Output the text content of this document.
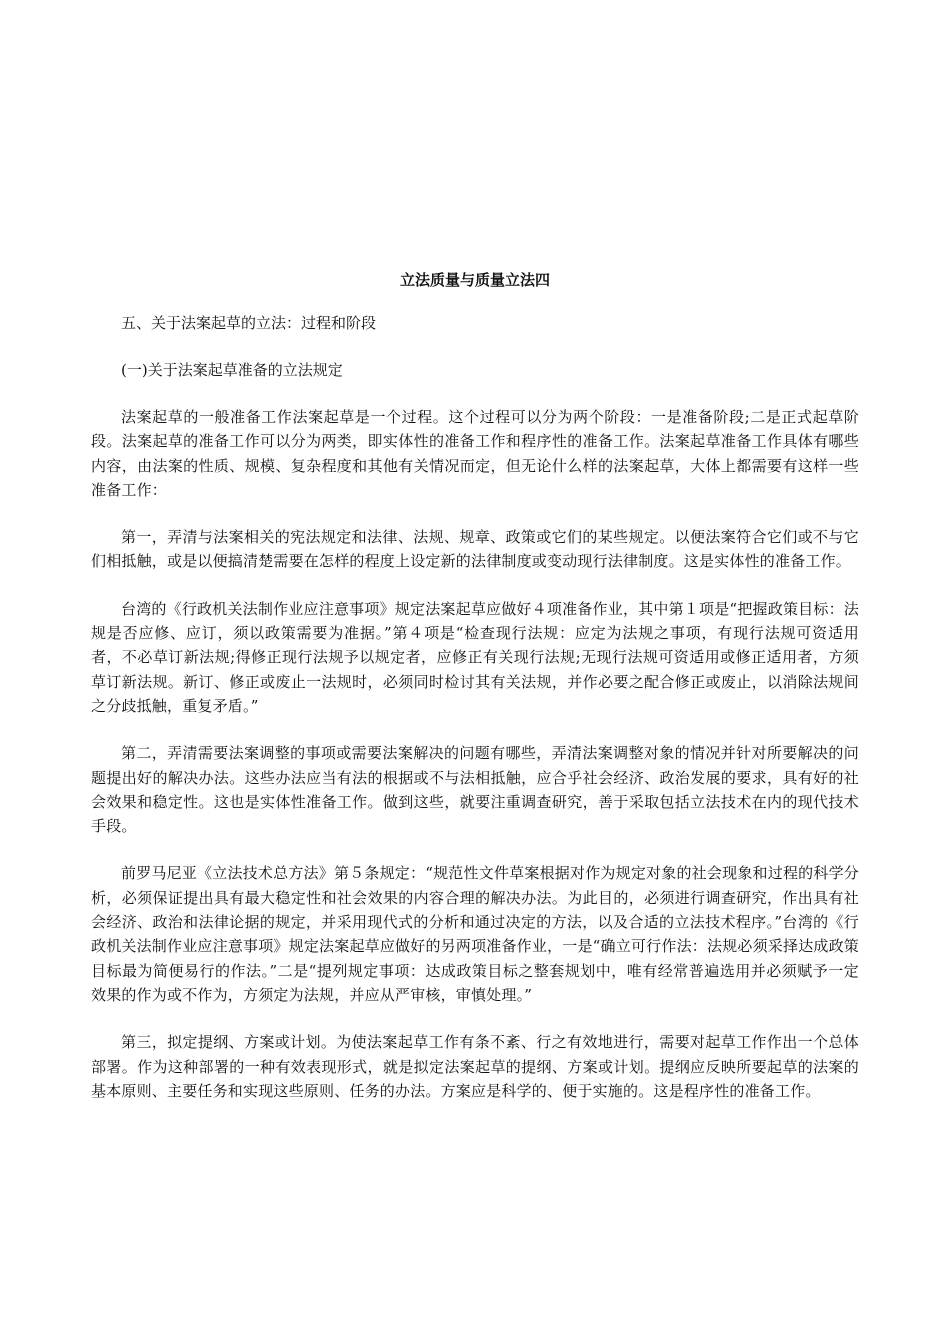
立法质量与质量立法四
五、关于法案起草的立法：过程和阶段
(一)关于法案起草准备的立法规定

法案起草的一般准备工作法案起草是一个过程。这个过程可以分为两个阶段：一是准备阶段;二是正式起草阶段。法案起草的准备工作可以分为两类，即实体性的准备工作和程序性的准备工作。法案起草准备工作具体有哪些内容，由法案的性质、规模、复杂程度和其他有关情况而定，但无论什么样的法案起草，大体上都需要有这样一些准备工作：

第一，弄清与法案相关的宪法规定和法律、法规、规章、政策或它们的某些规定。以便法案符合它们或不与它们相抵触，或是以便搞清楚需要在怎样的程度上设定新的法律制度或变动现行法律制度。这是实体性的准备工作。

台湾的《行政机关法制作业应注意事项》规定法案起草应做好４项准备作业，其中第１项是“把握政策目标：法规是否应修、应订，须以政策需要为准据。”第４项是“检查现行法规：应定为法规之事项，有现行法规可资适用者，不必草订新法规;得修正现行法规予以规定者，应修正有关现行法规;无现行法规可资适用或修正适用者，方须草订新法规。新订、修正或废止一法规时，必须同时检讨其有关法规，并作必要之配合修正或废止，以消除法规间之分歧抵触，重复矛盾。”

第二，弄清需要法案调整的事项或需要法案解决的问题有哪些，弄清法案调整对象的情况并针对所要解决的问题提出好的解决办法。这些办法应当有法的根据或不与法相抵触，应合乎社会经济、政治发展的要求，具有好的社会效果和稳定性。这也是实体性准备工作。做到这些，就要注重调查研究，善于采取包括立法技术在内的现代技术手段。

前罗马尼亚《立法技术总方法》第５条规定：“规范性文件草案根据对作为规定对象的社会现象和过程的科学分析，必须保证提出具有最大稳定性和社会效果的内容合理的解决办法。为此目的，必须进行调查研究，作出具有社会经济、政治和法律论据的规定，并采用现代式的分析和通过决定的方法，以及合适的立法技术程序。”台湾的《行政机关法制作业应注意事项》规定法案起草应做好的另两项准备作业，一是“确立可行作法：法规必须采择达成政策目标最为简便易行的作法。”二是“提列规定事项：达成政策目标之整套规划中，唯有经常普遍选用并必须赋予一定效果的作为或不作为，方须定为法规，并应从严审核，审慎处理。”

第三，拟定提纲、方案或计划。为使法案起草工作有条不紊、行之有效地进行，需要对起草工作作出一个总体部署。作为这种部署的一种有效表现形式，就是拟定法案起草的提纲、方案或计划。提纲应反映所要起草的法案的基本原则、主要任务和实现这些原则、任务的办法。方案应是科学的、便于实施的。这是程序性的准备工作。
